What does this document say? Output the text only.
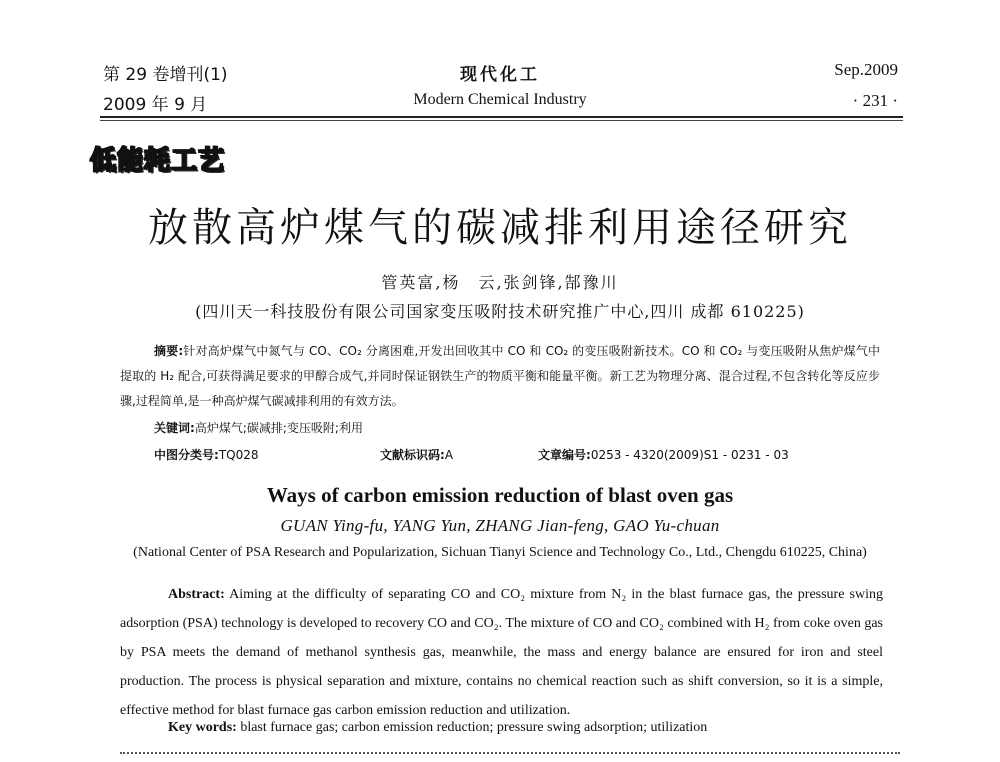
第 29 卷增刊(1)
2009 年 9 月
现代化工
Modern Chemical Industry
Sep.2009
· 231 ·
低能耗工艺
放散高炉煤气的碳减排利用途径研究
管英富,杨　云,张剑锋,郜豫川
(四川天一科技股份有限公司国家变压吸附技术研究推广中心,四川 成都 610225)
摘要:针对高炉煤气中氮气与 CO、CO₂ 分离困难,开发出回收其中 CO 和 CO₂ 的变压吸附新技术。CO 和 CO₂ 与变压吸附从焦炉煤气中提取的 H₂ 配合,可获得满足要求的甲醇合成气,并同时保证钢铁生产的物质平衡和能量平衡。新工艺为物理分离、混合过程,不包含转化等反应步骤,过程简单,是一种高炉煤气碳减排利用的有效方法。
关键词:高炉煤气;碳减排;变压吸附;利用
中图分类号:TQ028	文献标识码:A	文章编号:0253 - 4320(2009)S1 - 0231 - 03
Ways of carbon emission reduction of blast oven gas
GUAN Ying-fu, YANG Yun, ZHANG Jian-feng, GAO Yu-chuan
(National Center of PSA Research and Popularization, Sichuan Tianyi Science and Technology Co., Ltd., Chengdu 610225, China)
Abstract: Aiming at the difficulty of separating CO and CO₂ mixture from N₂ in the blast furnace gas, the pressure swing adsorption (PSA) technology is developed to recovery CO and CO₂. The mixture of CO and CO₂ combined with H₂ from coke oven gas by PSA meets the demand of methanol synthesis gas, meanwhile, the mass and energy balance are ensured for iron and steel production. The process is physical separation and mixture, contains no chemical reaction such as shift conversion, so it is a simple, effective method for blast furnace gas carbon emission reduction and utilization.
Key words: blast furnace gas; carbon emission reduction; pressure swing adsorption; utilization
